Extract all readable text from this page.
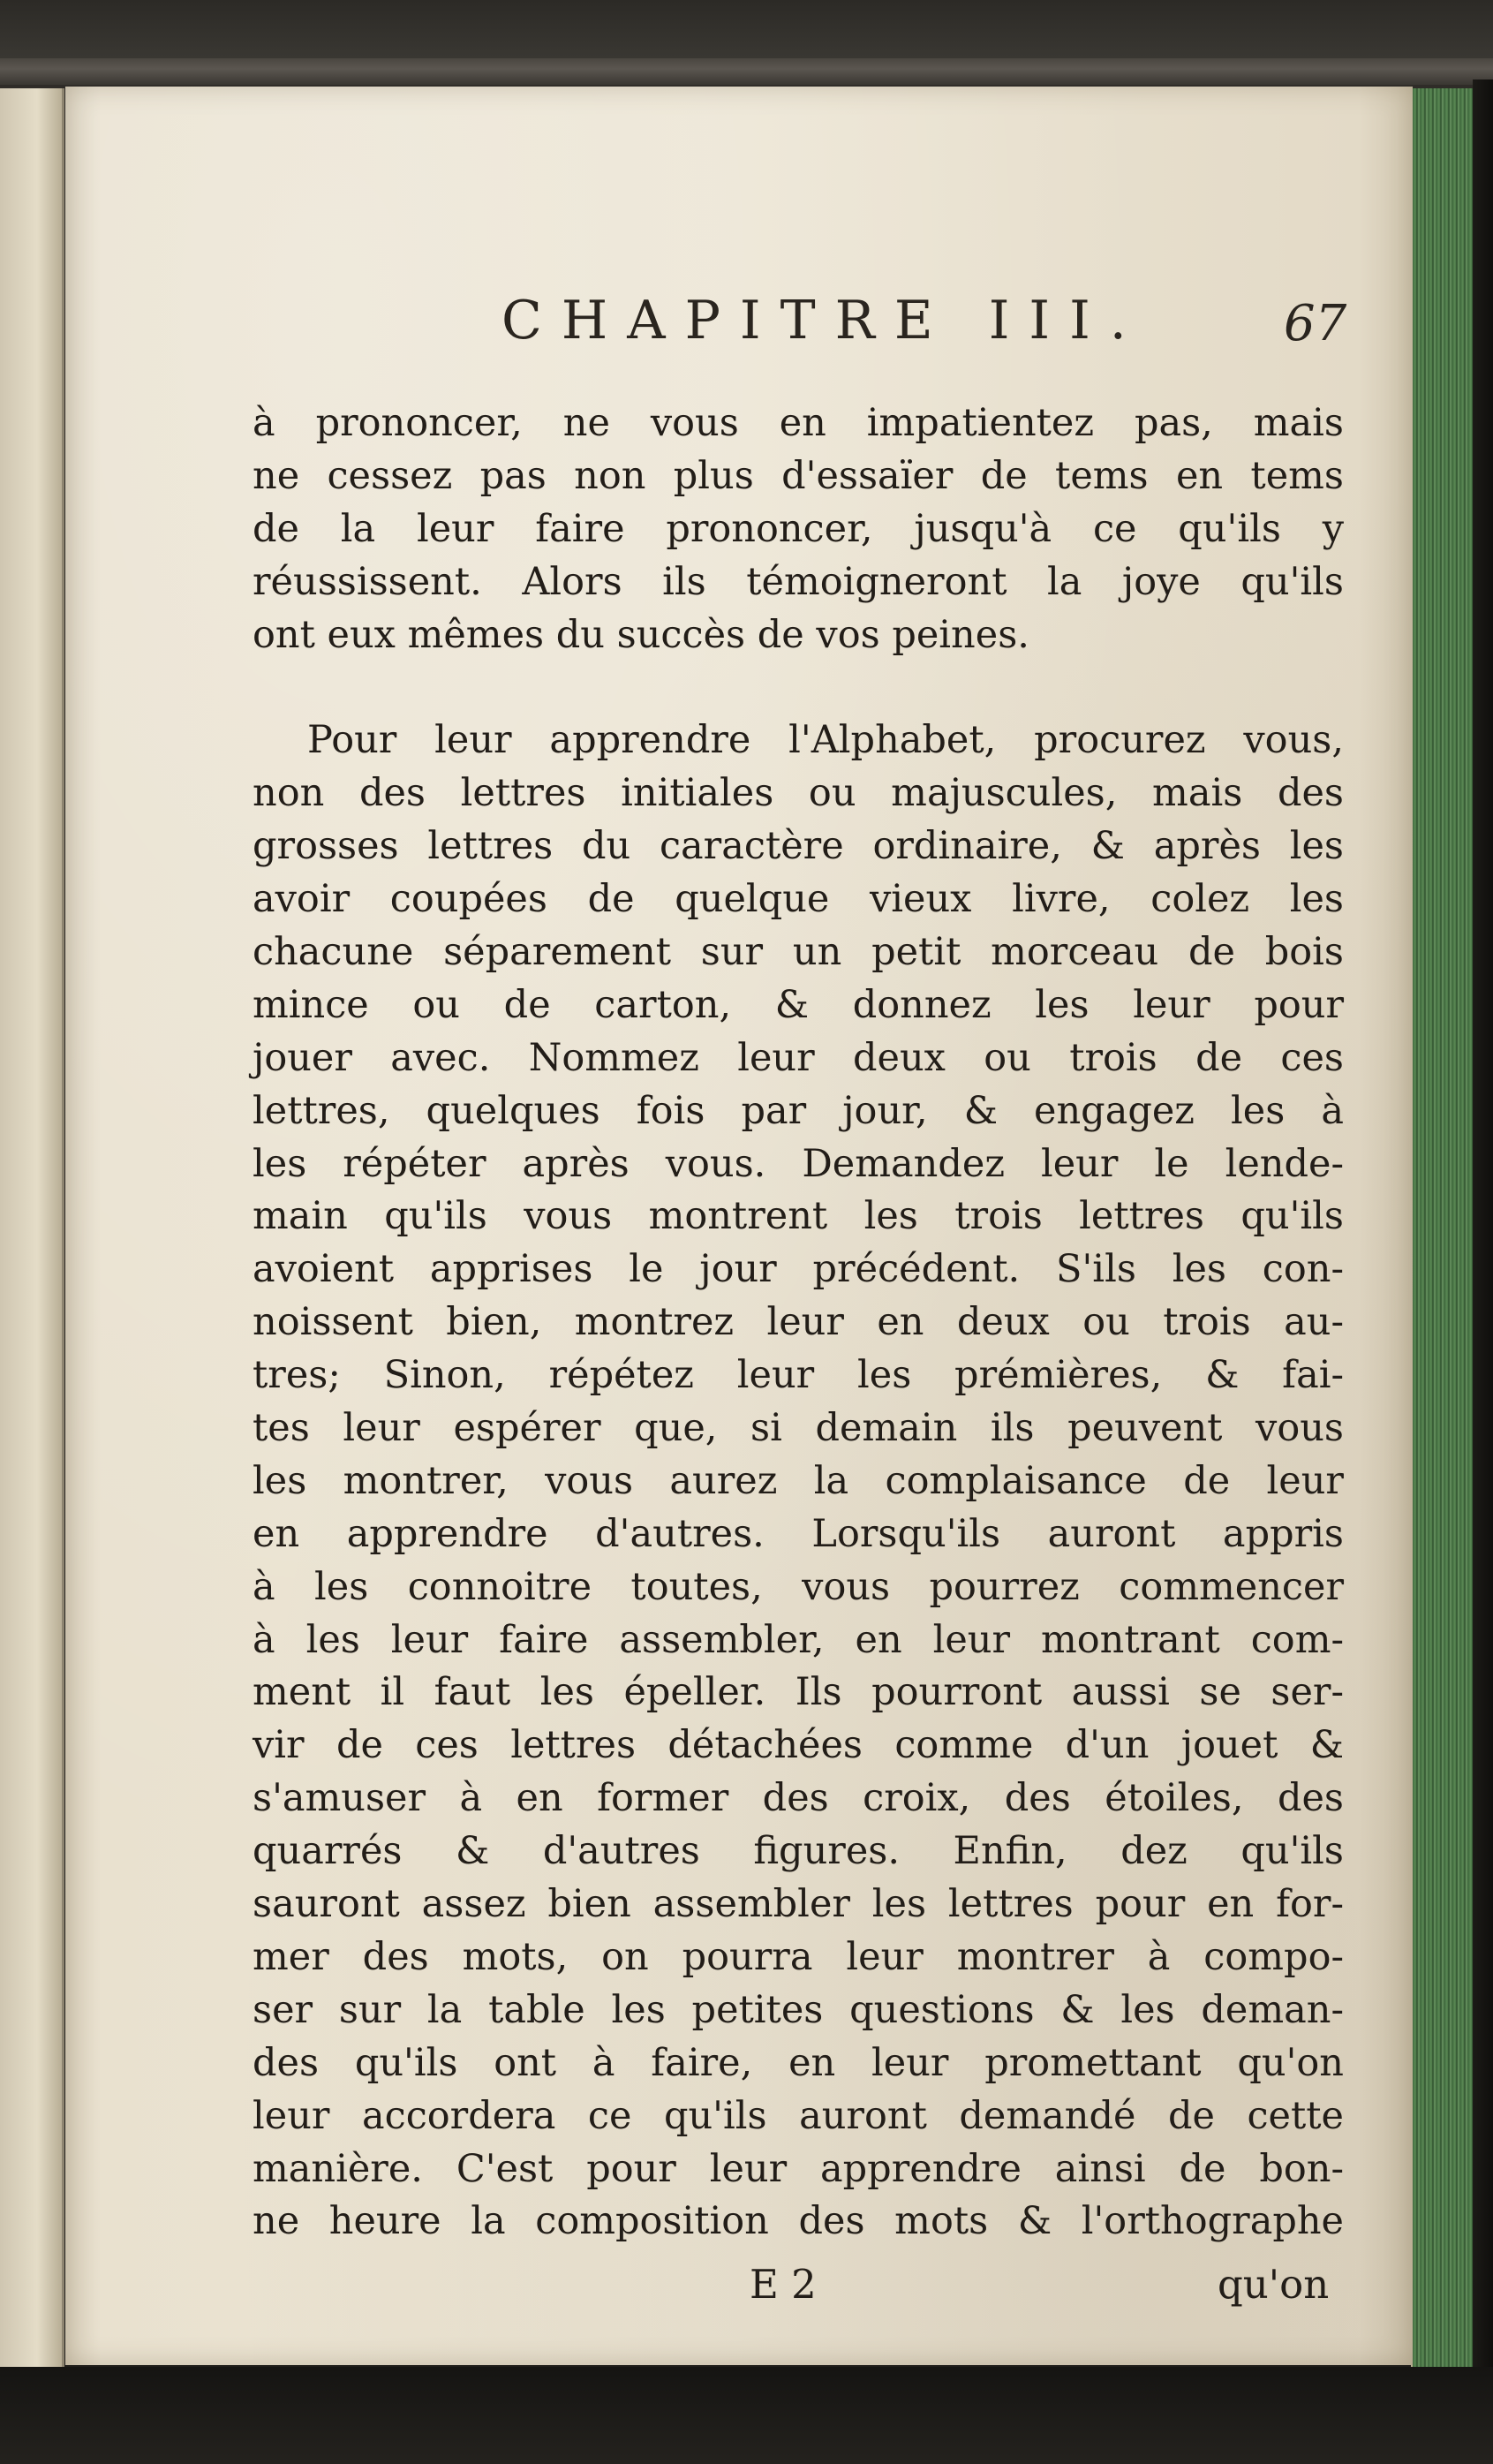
CHAPITRE III.	67
à prononcer, ne vous en impatientez pas, mais
ne cessez pas non plus d'essaïer de tems en tems
de la leur faire prononcer, jusqu'à ce qu'ils y
réussissent. Alors ils témoigneront la joye qu'ils
ont eux mêmes du succès de vos peines.
Pour leur apprendre l'Alphabet, procurez vous,
non des lettres initiales ou majuscules, mais des
grosses lettres du caractère ordinaire, & après les
avoir coupées de quelque vieux livre, colez les
chacune séparement sur un petit morceau de bois
mince ou de carton, & donnez les leur pour
jouer avec. Nommez leur deux ou trois de ces
lettres, quelques fois par jour, & engagez les à
les répéter après vous. Demandez leur le lende-
main qu'ils vous montrent les trois lettres qu'ils
avoient apprises le jour précédent. S'ils les con-
noissent bien, montrez leur en deux ou trois au-
tres; Sinon, répétez leur les prémières, & fai-
tes leur espérer que, si demain ils peuvent vous
les montrer, vous aurez la complaisance de leur
en apprendre d'autres. Lorsqu'ils auront appris
à les connoitre toutes, vous pourrez commencer
à les leur faire assembler, en leur montrant com-
ment il faut les épeller. Ils pourront aussi se ser-
vir de ces lettres détachées comme d'un jouet &
s'amuser à en former des croix, des étoiles, des
quarrés & d'autres figures. Enfin, dez qu'ils
sauront assez bien assembler les lettres pour en for-
mer des mots, on pourra leur montrer à compo-
ser sur la table les petites questions & les deman-
des qu'ils ont à faire, en leur promettant qu'on
leur accordera ce qu'ils auront demandé de cette
manière. C'est pour leur apprendre ainsi de bon-
ne heure la composition des mots & l'orthographe
E 2	qu'on
